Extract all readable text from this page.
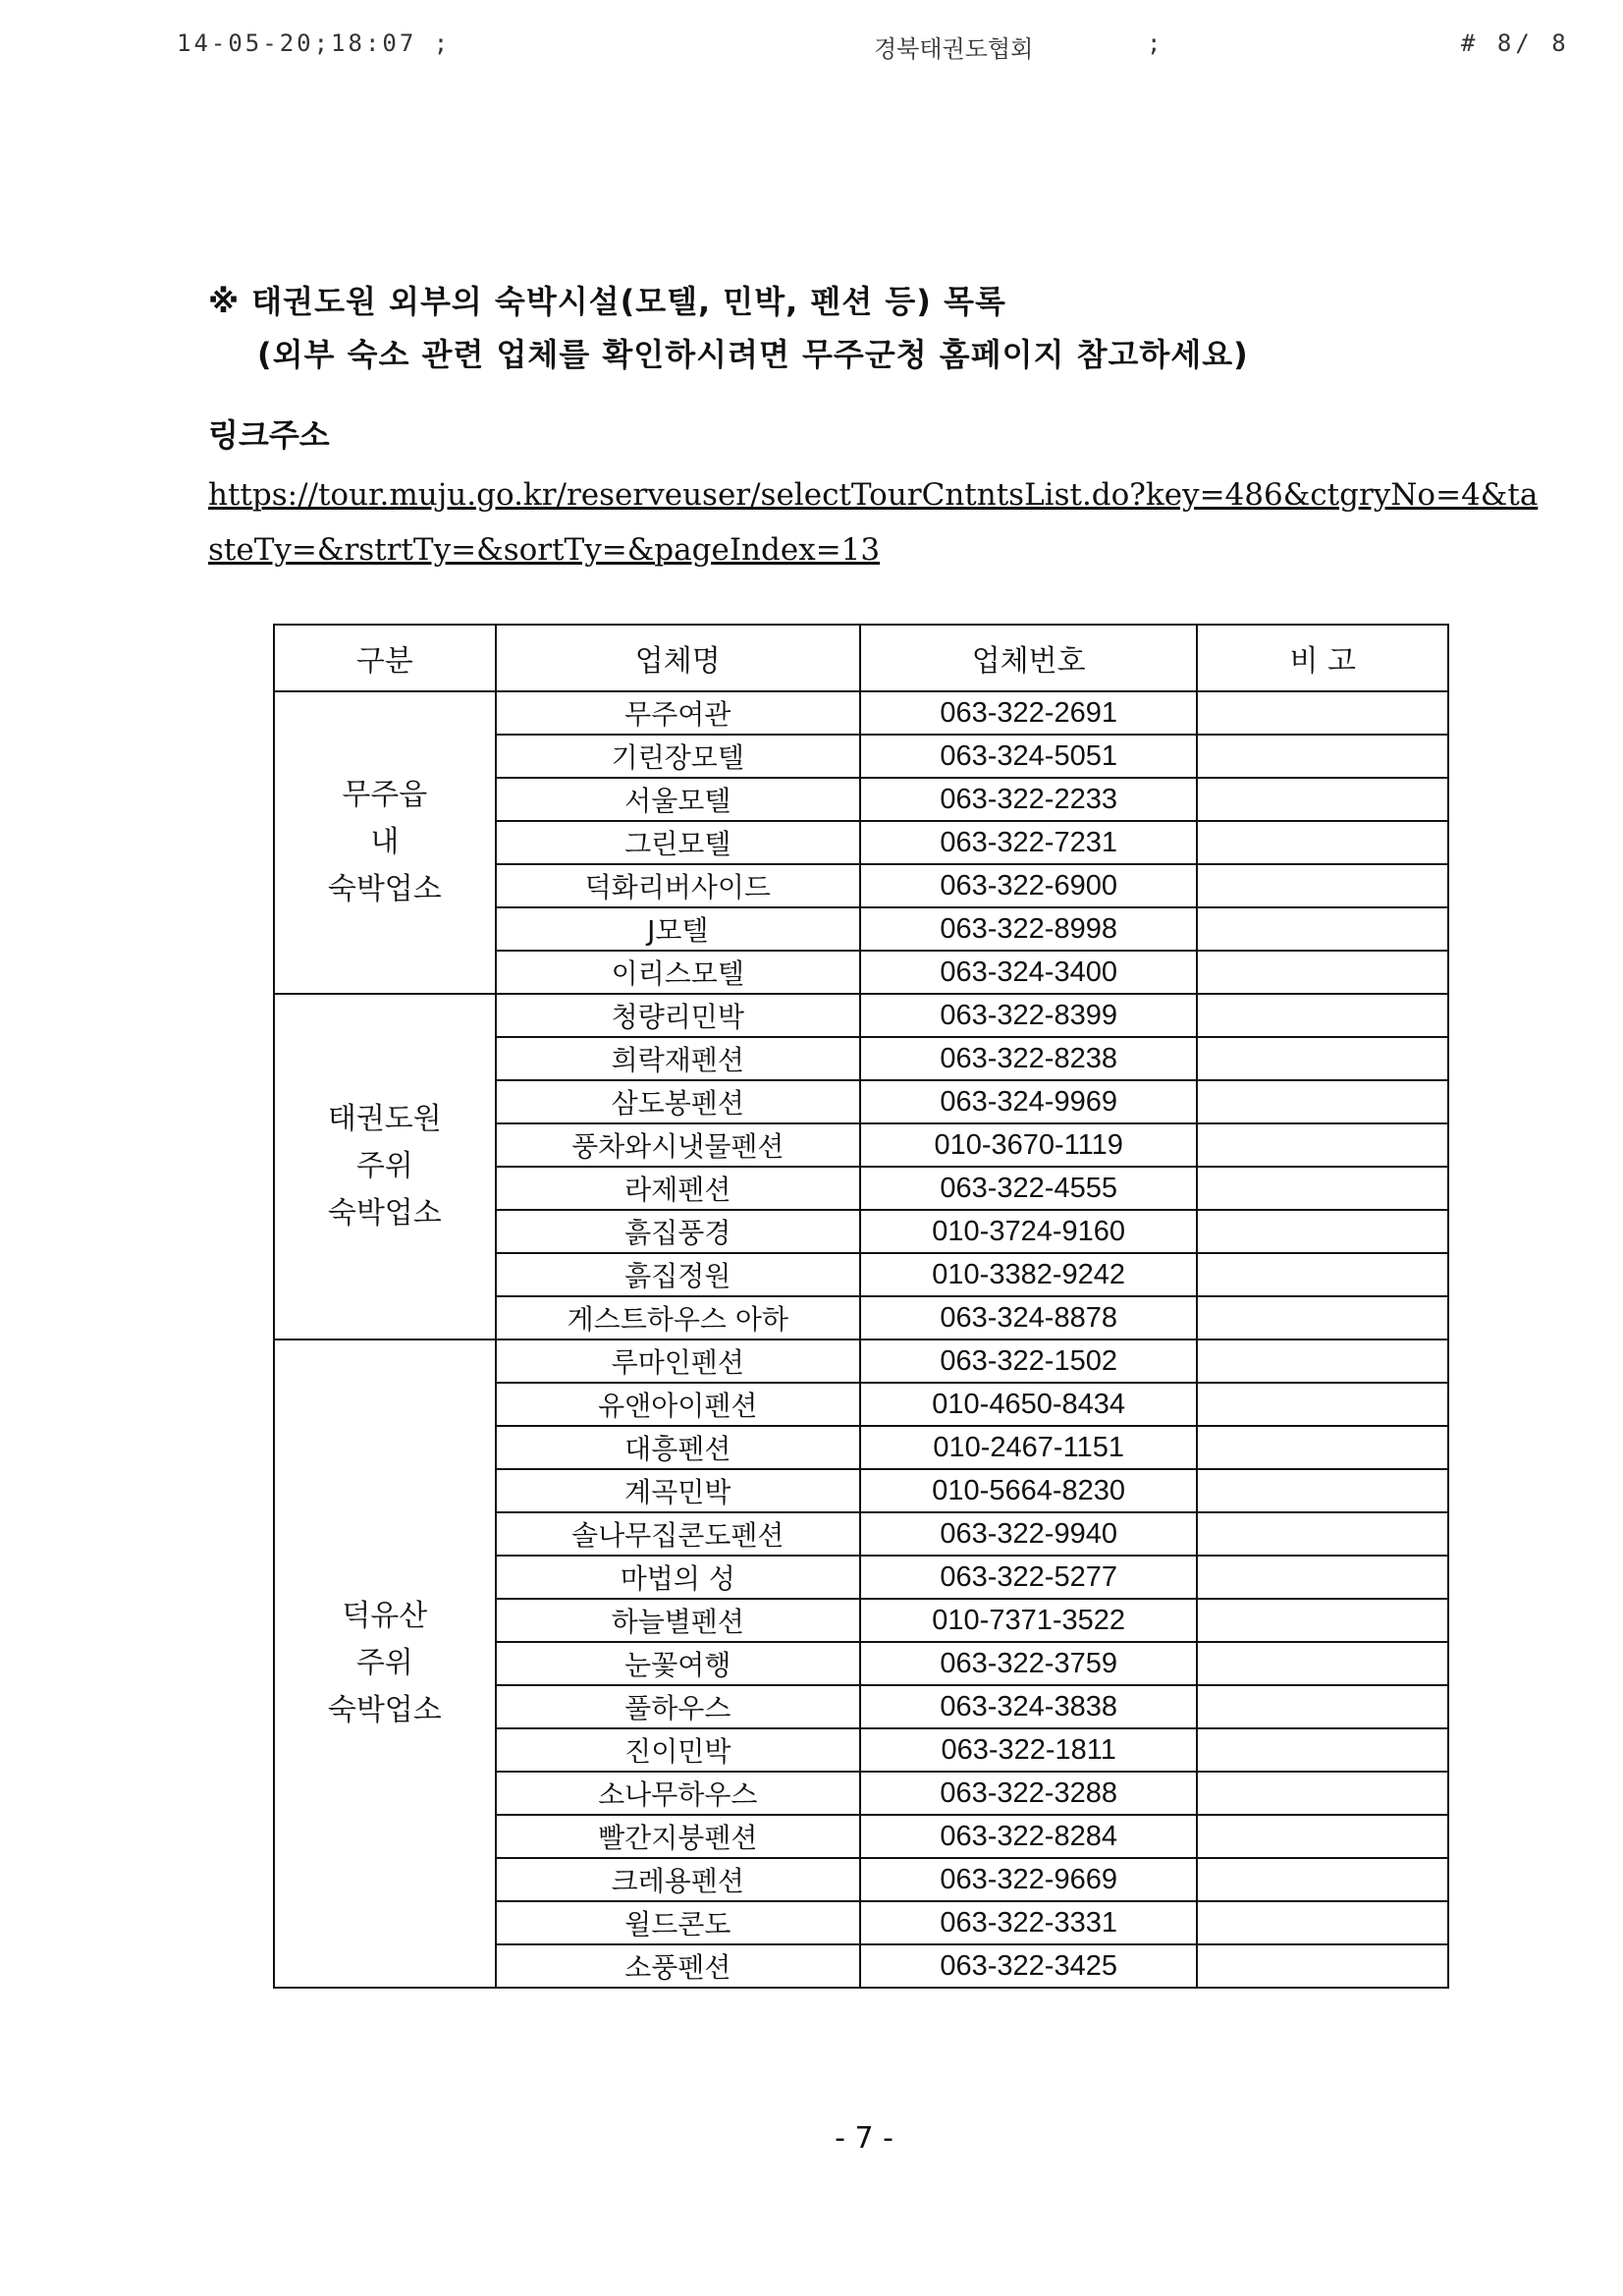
14-05-20;18:07 ;	경북태권도협회	;	# 8/ 8
※ 태권도원 외부의 숙박시설(모텔, 민박, 펜션 등) 목록
(외부 숙소 관련 업체를 확인하시려면 무주군청 홈페이지 참고하세요)
링크주소
https://tour.muju.go.kr/reserveuser/selectTourCntntsList.do?key=486&ctgryNo=4&ta
steTy=&rstrtTy=&sortTy=&pageIndex=13
구분	업체명	업체번호	비 고

무주읍
내
숙박업소	무주여관	063-322-2691	
	기린장모텔	063-324-5051	
	서울모텔	063-322-2233	
	그린모텔	063-322-7231	
	덕화리버사이드	063-322-6900	
	J모텔	063-322-8998	
	이리스모텔	063-324-3400	

태권도원
주위
숙박업소	청량리민박	063-322-8399	
	희락재펜션	063-322-8238	
	삼도봉펜션	063-324-9969	
	풍차와시냇물펜션	010-3670-1119	
	라제펜션	063-322-4555	
	흙집풍경	010-3724-9160	
	흙집정원	010-3382-9242	
	게스트하우스 아하	063-324-8878	

덕유산
주위
숙박업소	루마인펜션	063-322-1502	
	유앤아이펜션	010-4650-8434	
	대흥펜션	010-2467-1151	
	계곡민박	010-5664-8230	
	솔나무집콘도펜션	063-322-9940	
	마법의 성	063-322-5277	
	하늘별펜션	010-7371-3522	
	눈꽃여행	063-322-3759	
	풀하우스	063-324-3838	
	진이민박	063-322-1811	
	소나무하우스	063-322-3288	
	빨간지붕펜션	063-322-8284	
	크레용펜션	063-322-9669	
	윌드콘도	063-322-3331	
	소풍펜션	063-322-3425	
- 7 -
